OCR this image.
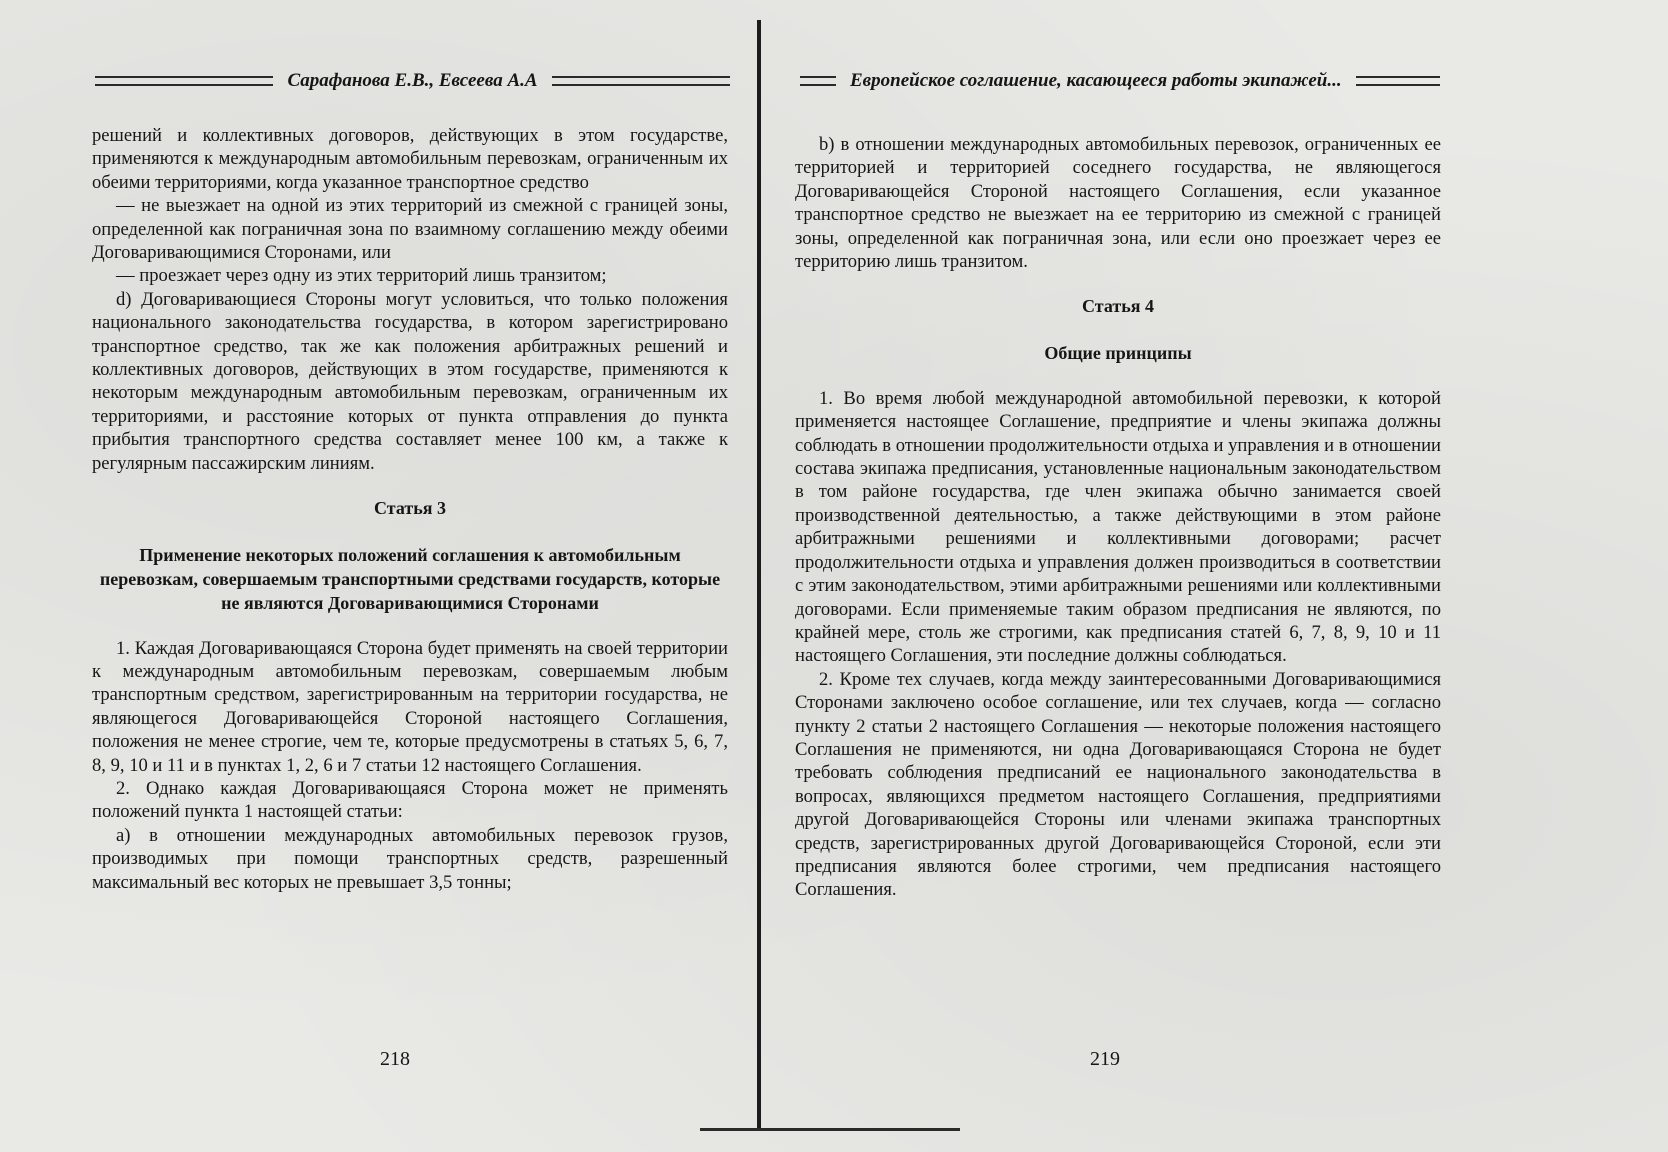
Сарафанова Е.В., Евсеева А.А

решений и коллективных договоров, действующих в этом государстве, применяются к международным автомобильным перевозкам, ограниченным их обеими территориями, когда указанное транспортное средство

— не выезжает на одной из этих территорий из смежной с границей зоны, определенной как пограничная зона по взаимному соглашению между обеими Договаривающимися Сторонами, или

— проезжает через одну из этих территорий лишь транзитом;

d) Договаривающиеся Стороны могут условиться, что только положения национального законодательства государства, в котором зарегистрировано транспортное средство, так же как положения арбитражных решений и коллективных договоров, действующих в этом государстве, применяются к некоторым международным автомобильным перевозкам, ограниченным их территориями, и расстояние которых от пункта отправления до пункта прибытия транспортного средства составляет менее 100 км, а также к регулярным пассажирским линиям.

Статья 3

Применение некоторых положений соглашения к автомобильным перевозкам, совершаемым транспортными средствами государств, которые не являются Договаривающимися Сторонами

1. Каждая Договаривающаяся Сторона будет применять на своей территории к международным автомобильным перевозкам, совершаемым любым транспортным средством, зарегистрированным на территории государства, не являющегося Договаривающейся Стороной настоящего Соглашения, положения не менее строгие, чем те, которые предусмотрены в статьях 5, 6, 7, 8, 9, 10 и 11 и в пунктах 1, 2, 6 и 7 статьи 12 настоящего Соглашения.

2. Однако каждая Договаривающаяся Сторона может не применять положений пункта 1 настоящей статьи:

a) в отношении международных автомобильных перевозок грузов, производимых при помощи транспортных средств, разрешенный максимальный вес которых не превышает 3,5 тонны;

218
Европейское соглашение, касающееся работы экипажей...

b) в отношении международных автомобильных перевозок, ограниченных ее территорией и территорией соседнего государства, не являющегося Договаривающейся Стороной настоящего Соглашения, если указанное транспортное средство не выезжает на ее территорию из смежной с границей зоны, определенной как пограничная зона, или если оно проезжает через ее территорию лишь транзитом.

Статья 4

Общие принципы

1. Во время любой международной автомобильной перевозки, к которой применяется настоящее Соглашение, предприятие и члены экипажа должны соблюдать в отношении продолжительности отдыха и управления и в отношении состава экипажа предписания, установленные национальным законодательством в том районе государства, где член экипажа обычно занимается своей производственной деятельностью, а также действующими в этом районе арбитражными решениями и коллективными договорами; расчет продолжительности отдыха и управления должен производиться в соответствии с этим законодательством, этими арбитражными решениями или коллективными договорами. Если применяемые таким образом предписания не являются, по крайней мере, столь же строгими, как предписания статей 6, 7, 8, 9, 10 и 11 настоящего Соглашения, эти последние должны соблюдаться.

2. Кроме тех случаев, когда между заинтересованными Договаривающимися Сторонами заключено особое соглашение, или тех случаев, когда — согласно пункту 2 статьи 2 настоящего Соглашения — некоторые положения настоящего Соглашения не применяются, ни одна Договаривающаяся Сторона не будет требовать соблюдения предписаний ее национального законодательства в вопросах, являющихся предметом настоящего Соглашения, предприятиями другой Договаривающейся Стороны или членами экипажа транспортных средств, зарегистрированных другой Договаривающейся Стороной, если эти предписания являются более строгими, чем предписания настоящего Соглашения.

219
